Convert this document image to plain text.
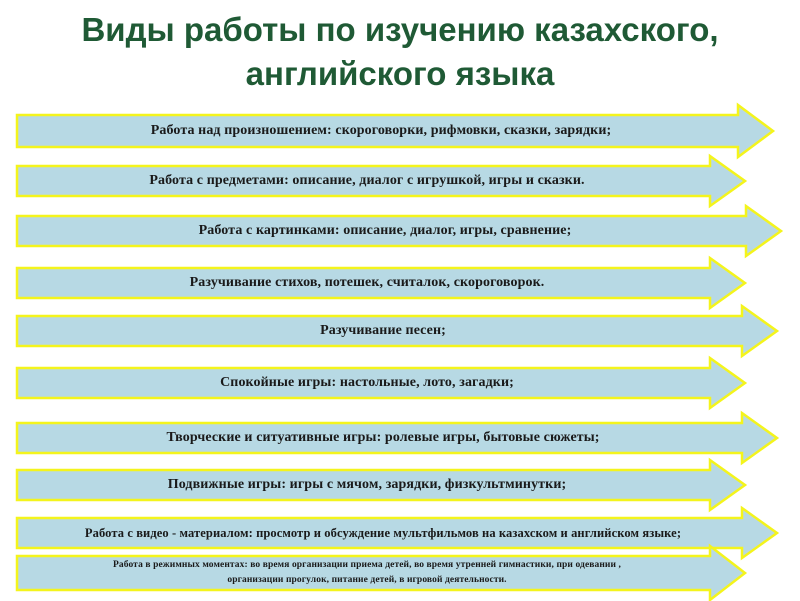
Виды работы по изучению казахского,
английского языка
Работа над произношением: скороговорки, рифмовки, сказки, зарядки;
Работа с предметами: описание, диалог с игрушкой, игры и сказки.
Работа с картинками: описание, диалог, игры, сравнение;
Разучивание стихов, потешек, считалок, скороговорок.
Разучивание песен;
Спокойные игры: настольные, лото, загадки;
Творческие и ситуативные игры: ролевые игры, бытовые сюжеты;
Подвижные игры: игры с мячом, зарядки, физкультминутки;
Работа с видео - материалом: просмотр и обсуждение мультфильмов на казахском и английском языке;
Работа в режимных моментах: во время организации приема детей, во время утренней гимнастики, при одевании ,
организации прогулок, питание детей, в игровой деятельности.
